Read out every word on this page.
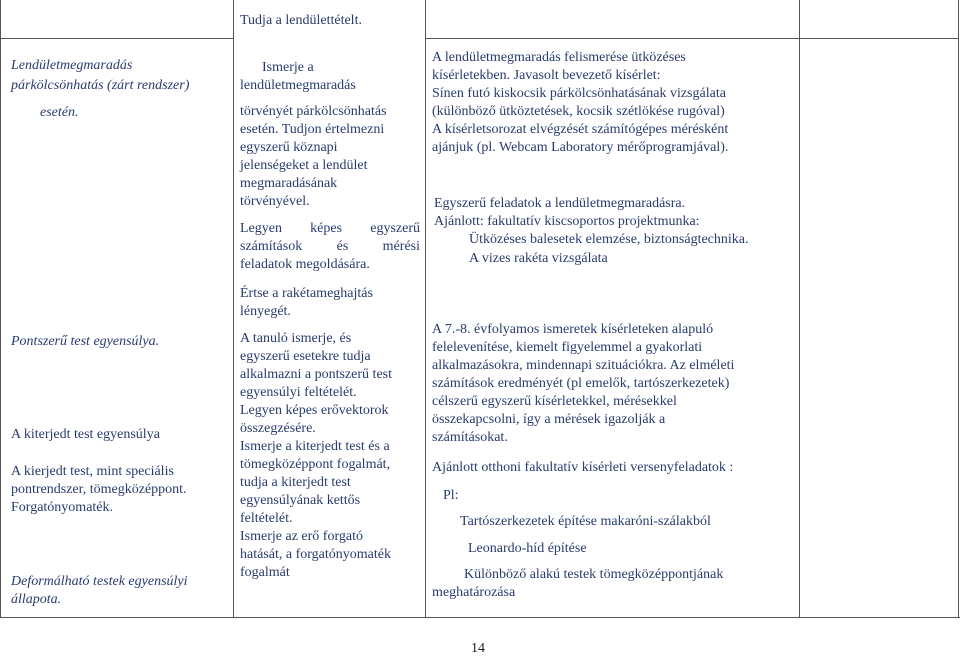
Lendületmegmaradás
párkölcsönhatás (zárt rendszer)
esetén.
Pontszerű test egyensúlya.
A kiterjedt test egyensúlya
A kierjedt test, mint speciális
pontrendszer, tömegközéppont.
Forgatónyomaték.
Deformálható testek egyensúlyi
állapota.
Tudja a lendülettételt.
Ismerje a
lendületmegmaradás
törvényét párkölcsönhatás
esetén. Tudjon értelmezni
egyszerű köznapi
jelenségeket a lendület
megmaradásának
törvényével.
Legyen képes egyszerű
számítások és mérési
feladatok megoldására.
Értse a rakétameghajtás
lényegét.
A tanuló ismerje, és
egyszerű esetekre tudja
alkalmazni a pontszerű test
egyensúlyi feltételét.
Legyen képes erővektorok
összegzésére.
Ismerje a kiterjedt test és a
tömegközéppont fogalmát,
tudja a kiterjedt test
egyensúlyának kettős
feltételét.
Ismerje az erő forgató
hatását, a forgatónyomaték
fogalmát
A lendületmegmaradás felismerése ütközéses
kísérletekben. Javasolt bevezető kísérlet:
Sínen futó kiskocsik párkölcsönhatásának vizsgálata
(különböző ütköztetések, kocsik szétlökése rugóval)
A kísérletsorozat elvégzését számítógépes mérésként
ajánjuk (pl. Webcam Laboratory mérőprogramjával).
Egyszerű feladatok a lendületmegmaradásra.
Ajánlott: fakultatív kiscsoportos projektmunka:
Ütközéses balesetek elemzése, biztonságtechnika.
A vizes rakéta vizsgálata
A 7.-8. évfolyamos ismeretek kísérleteken alapuló
felelevenítése, kiemelt figyelemmel a gyakorlati
alkalmazásokra, mindennapi szituációkra. Az elméleti
számítások eredményét (pl emelők, tartószerkezetek)
célszerű egyszerű kísérletekkel, mérésekkel
összekapcsolni, így a mérések igazolják a
számításokat.
Ajánlott otthoni fakultatív kísérleti versenyfeladatok :
Pl:
Tartószerkezetek építése makaróni-szálakból
Leonardo-híd építése
Különböző alakú testek tömegközéppontjának
meghatározása
14
